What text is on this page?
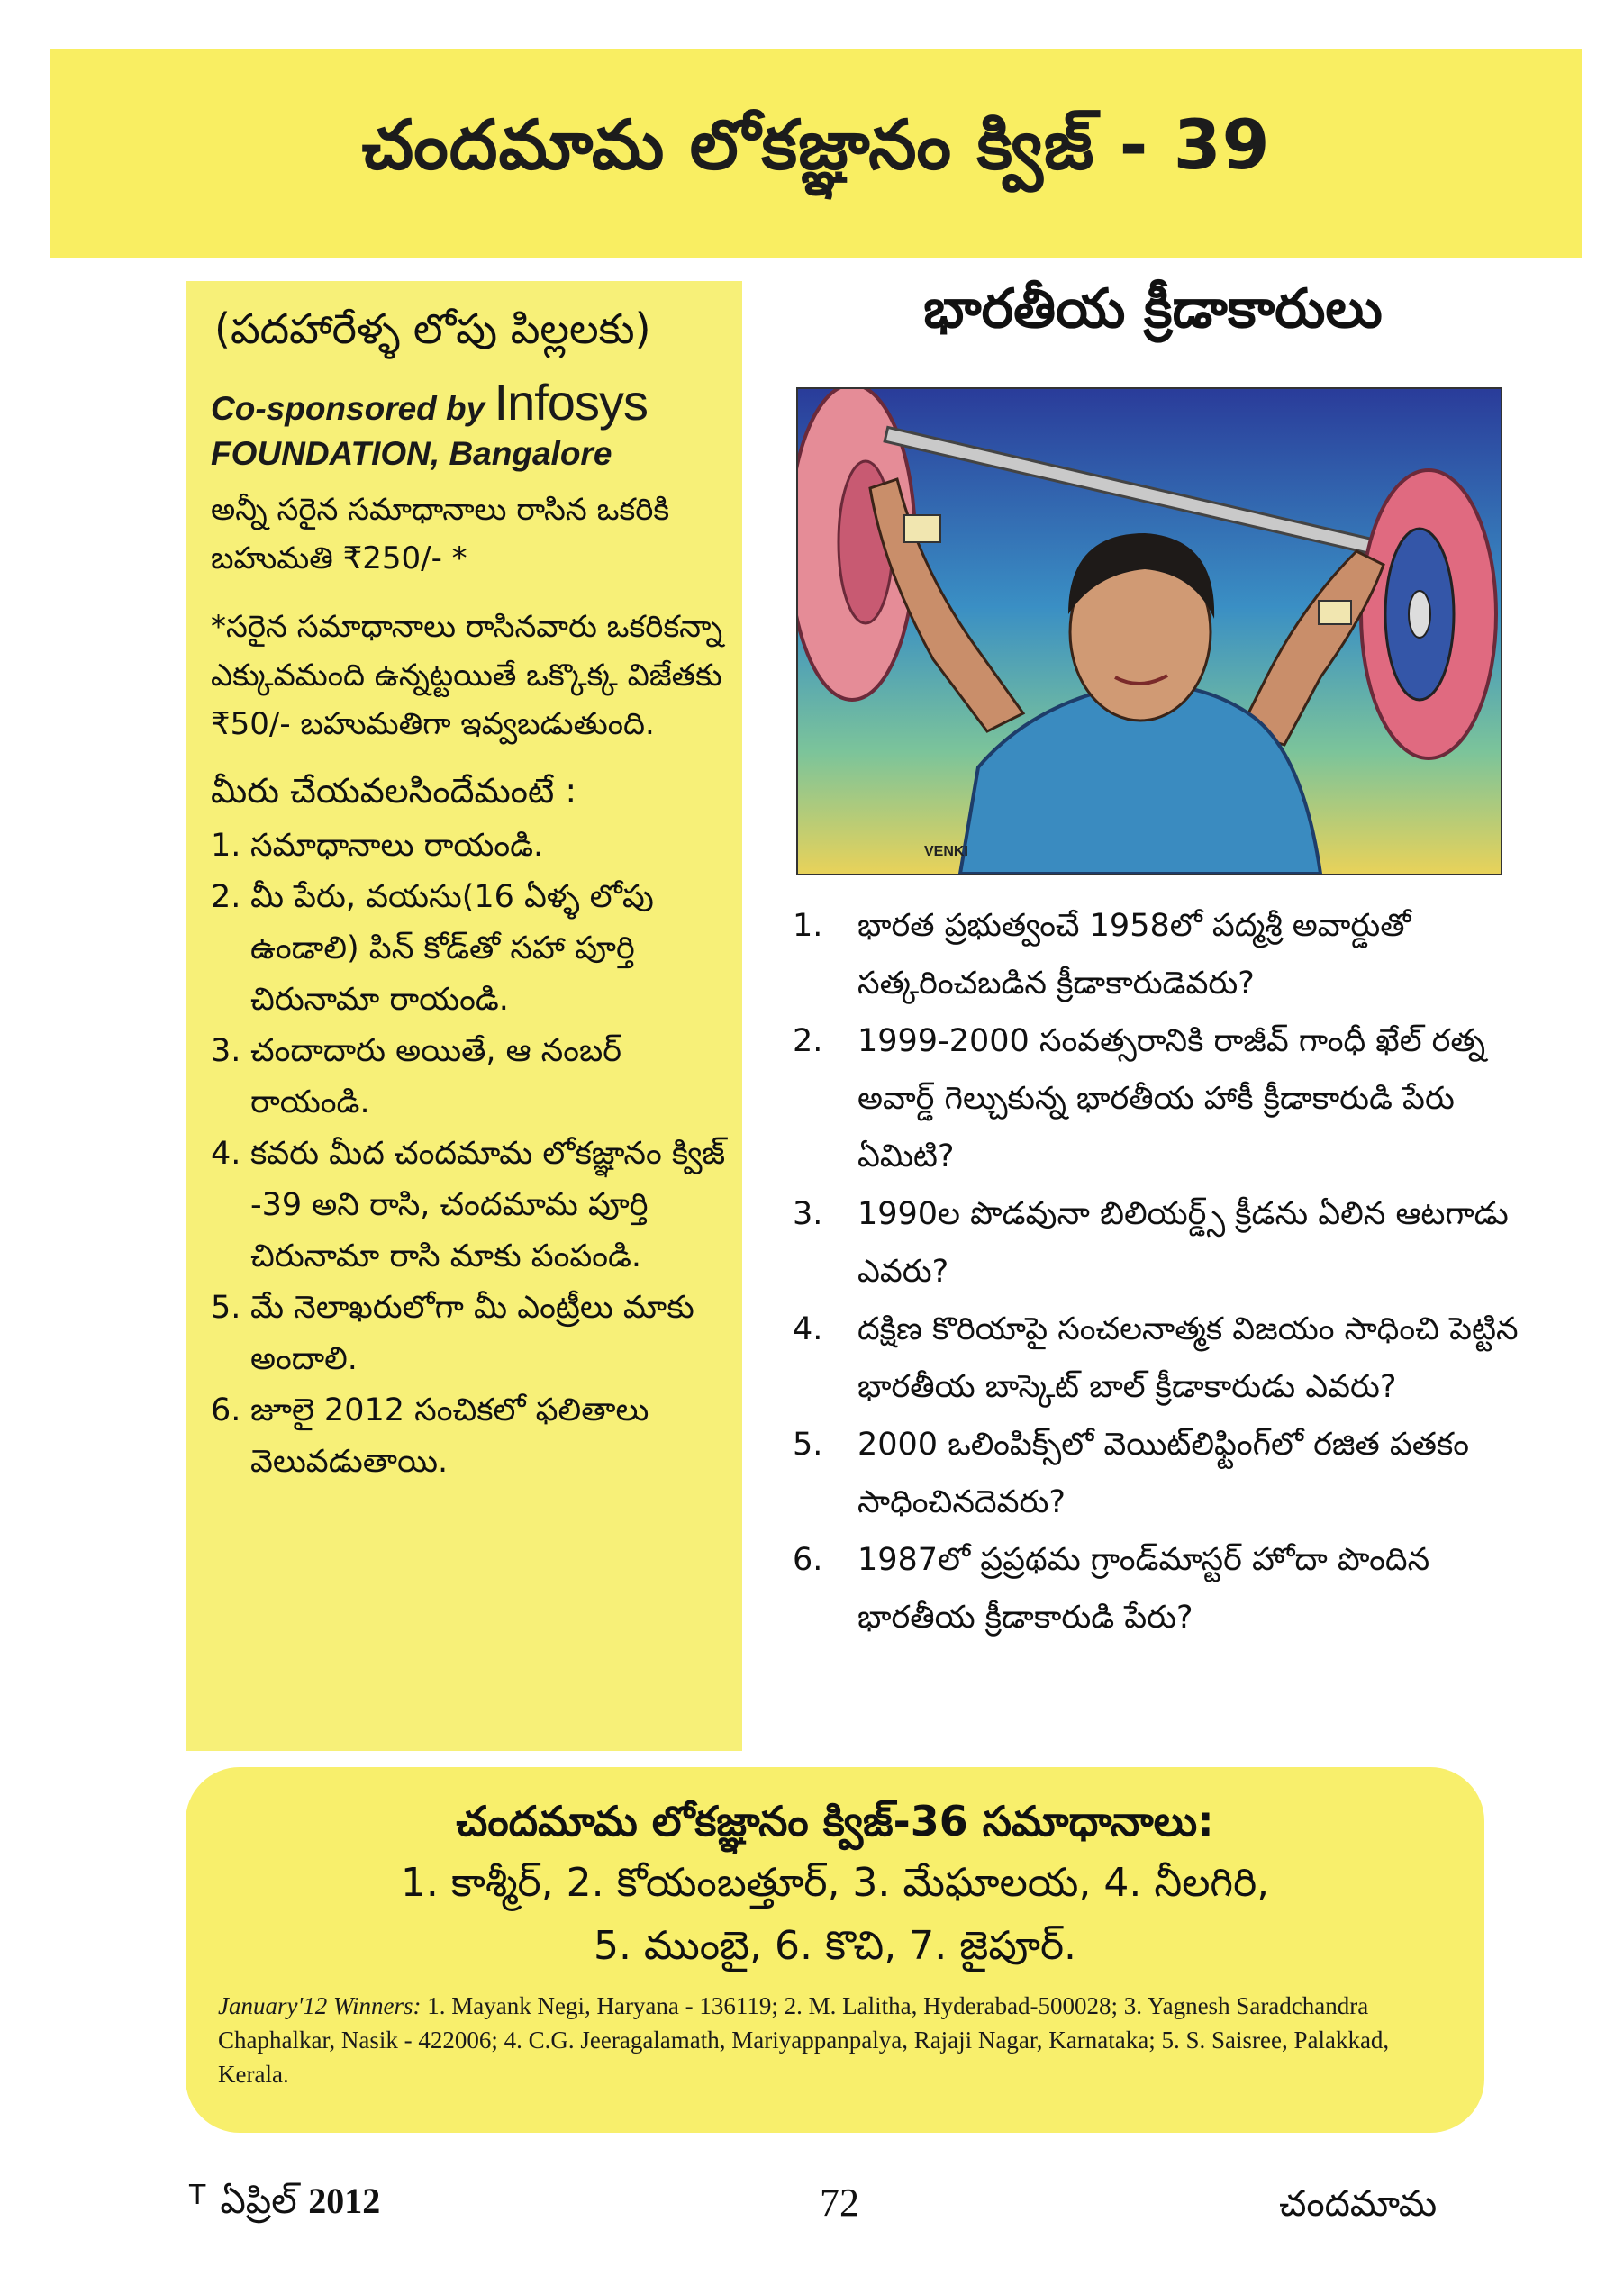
చందమామ లోకజ్ఞానం క్విజ్ - 39
(పదహారేళ్ళ లోపు పిల్లలకు)
Co-sponsored by Infosys
FOUNDATION, Bangalore
అన్నీ సరైన సమాధానాలు రాసిన ఒకరికి బహుమతి ₹250/- *
*సరైన సమాధానాలు రాసినవారు ఒకరికన్నా ఎక్కువమంది ఉన్నట్టయితే ఒక్కొక్క విజేతకు ₹50/- బహుమతిగా ఇవ్వబడుతుంది.
మీరు చేయవలసిందేమంటే :
1. సమాధానాలు రాయండి.
2. మీ పేరు, వయసు(16 ఏళ్ళ లోపు ఉండాలి) పిన్ కోడ్‌తో సహా పూర్తి చిరునామా రాయండి.
3. చందాదారు అయితే, ఆ నంబర్ రాయండి.
4. కవరు మీద చందమామ లోకజ్ఞానం క్విజ్ -39 అని రాసి, చందమామ పూర్తి చిరునామా రాసి మాకు పంపండి.
5. మే నెలాఖరులోగా మీ ఎంట్రీలు మాకు అందాలి.
6. జూలై 2012 సంచికలో ఫలితాలు వెలువడుతాయి.
భారతీయ క్రీడాకారులు
VENKI
1.	భారత ప్రభుత్వంచే 1958లో పద్మశ్రీ అవార్డుతో సత్కరించబడిన క్రీడాకారుడెవరు?
2.	1999-2000 సంవత్సరానికి రాజీవ్ గాంధీ ఖేల్ రత్న అవార్డ్ గెల్చుకున్న భారతీయ హాకీ క్రీడాకారుడి పేరు ఏమిటి?
3.	1990ల పొడవునా బిలియర్డ్స్ క్రీడను ఏలిన ఆటగాడు ఎవరు?
4.	దక్షిణ కొరియాపై సంచలనాత్మక విజయం సాధించి పెట్టిన భారతీయ బాస్కెట్ బాల్ క్రీడాకారుడు ఎవరు?
5.	2000 ఒలింపిక్స్‌లో వెయిట్‌లిఫ్టింగ్‌లో రజిత పతకం సాధించినదెవరు?
6.	1987లో ప్రప్రథమ గ్రాండ్‌మాస్టర్ హోదా పొందిన భారతీయ క్రీడాకారుడి పేరు?
చందమామ లోకజ్ఞానం క్విజ్-36 సమాధానాలు:
1. కాశ్మీర్, 2. కోయంబత్తూర్, 3. మేఘాలయ, 4. నీలగిరి,
5. ముంబై, 6. కొచి, 7. జైపూర్.
January'12 Winners: 1. Mayank Negi, Haryana - 136119; 2. M. Lalitha, Hyderabad-500028; 3. Yagnesh Saradchandra Chaphalkar, Nasik - 422006; 4. C.G. Jeeragalamath, Mariyappanpalya, Rajaji Nagar, Karnataka; 5. S. Saisree, Palakkad, Kerala.
$^T$ ఏప్రిల్ 2012	72	చందమామ
